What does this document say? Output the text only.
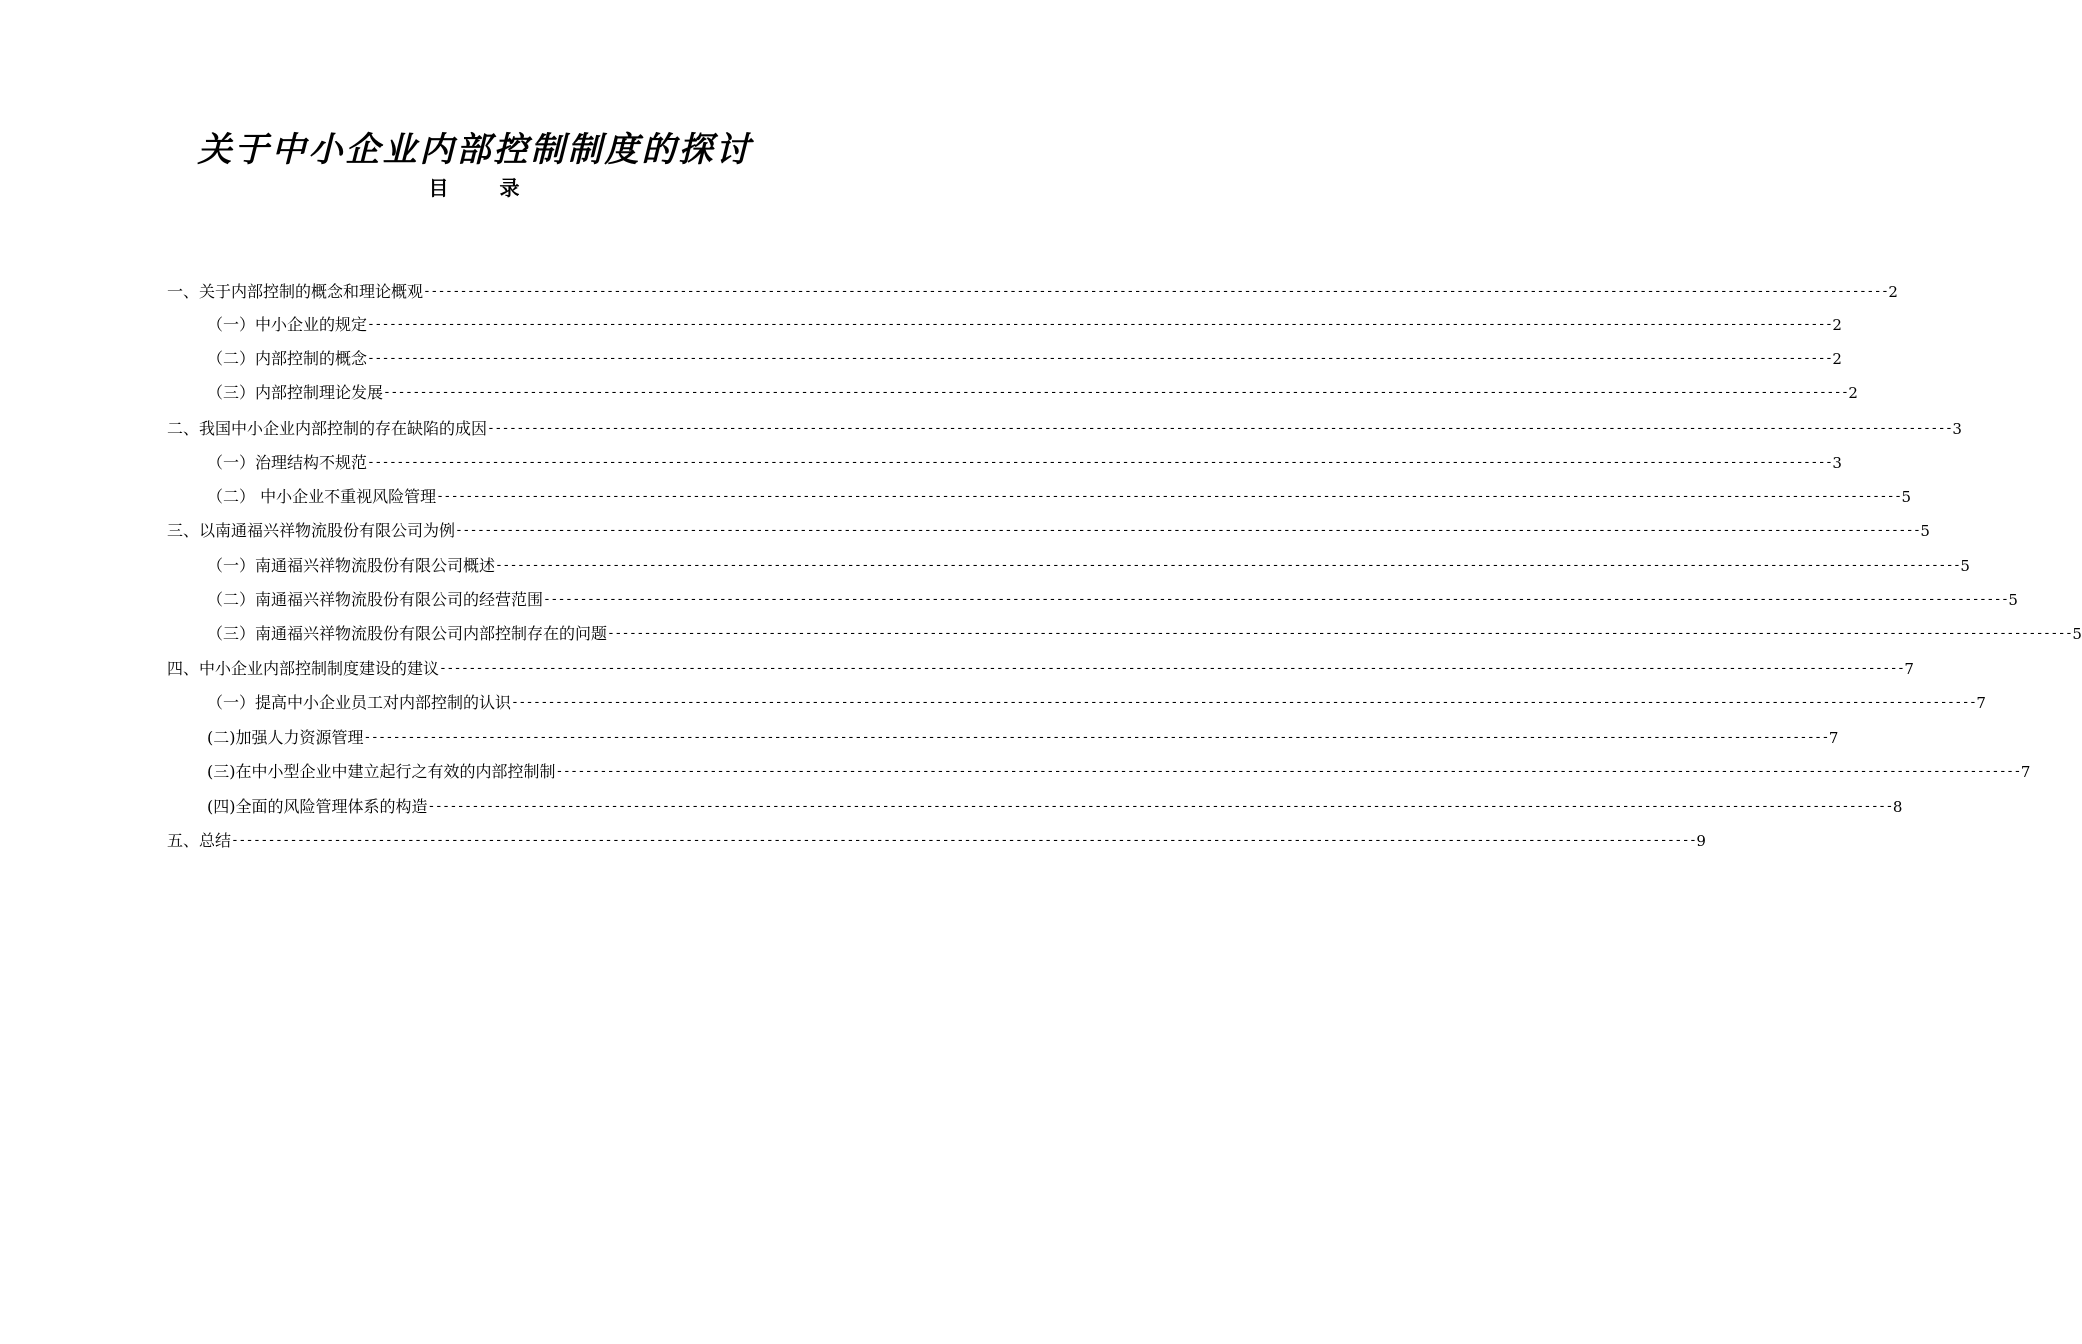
关于中小企业内部控制制度的探讨
目 录
一、关于内部控制的概念和理论概观 -------------------------------------------------------------------------------------------------------------------------------------------------------------------------------------------------------- 2
（一）中小企业的规定 -------------------------------------------------------------------------------------------------------------------------------------------------------------------------------------------------------- 2
（二）内部控制的概念 -------------------------------------------------------------------------------------------------------------------------------------------------------------------------------------------------------- 2
（三）内部控制理论发展 -------------------------------------------------------------------------------------------------------------------------------------------------------------------------------------------------------- 2
二、我国中小企业内部控制的存在缺陷的成因 -------------------------------------------------------------------------------------------------------------------------------------------------------------------------------------------------------- 3
（一）治理结构不规范 -------------------------------------------------------------------------------------------------------------------------------------------------------------------------------------------------------- 3
（二） 中小企业不重视风险管理 -------------------------------------------------------------------------------------------------------------------------------------------------------------------------------------------------------- 5
三、以南通福兴祥物流股份有限公司为例 -------------------------------------------------------------------------------------------------------------------------------------------------------------------------------------------------------- 5
（一）南通福兴祥物流股份有限公司概述 -------------------------------------------------------------------------------------------------------------------------------------------------------------------------------------------------------- 5
（二）南通福兴祥物流股份有限公司的经营范围 -------------------------------------------------------------------------------------------------------------------------------------------------------------------------------------------------------- 5
（三）南通福兴祥物流股份有限公司内部控制存在的问题 -------------------------------------------------------------------------------------------------------------------------------------------------------------------------------------------------------- 5
四、中小企业内部控制制度建设的建议 -------------------------------------------------------------------------------------------------------------------------------------------------------------------------------------------------------- 7
（一）提高中小企业员工对内部控制的认识 -------------------------------------------------------------------------------------------------------------------------------------------------------------------------------------------------------- 7
(二)加强人力资源管理 -------------------------------------------------------------------------------------------------------------------------------------------------------------------------------------------------------- 7
(三)在中小型企业中建立起行之有效的内部控制制 -------------------------------------------------------------------------------------------------------------------------------------------------------------------------------------------------------- 7
(四)全面的风险管理体系的构造 -------------------------------------------------------------------------------------------------------------------------------------------------------------------------------------------------------- 8
五、总结 -------------------------------------------------------------------------------------------------------------------------------------------------------------------------------------------------------- 9
